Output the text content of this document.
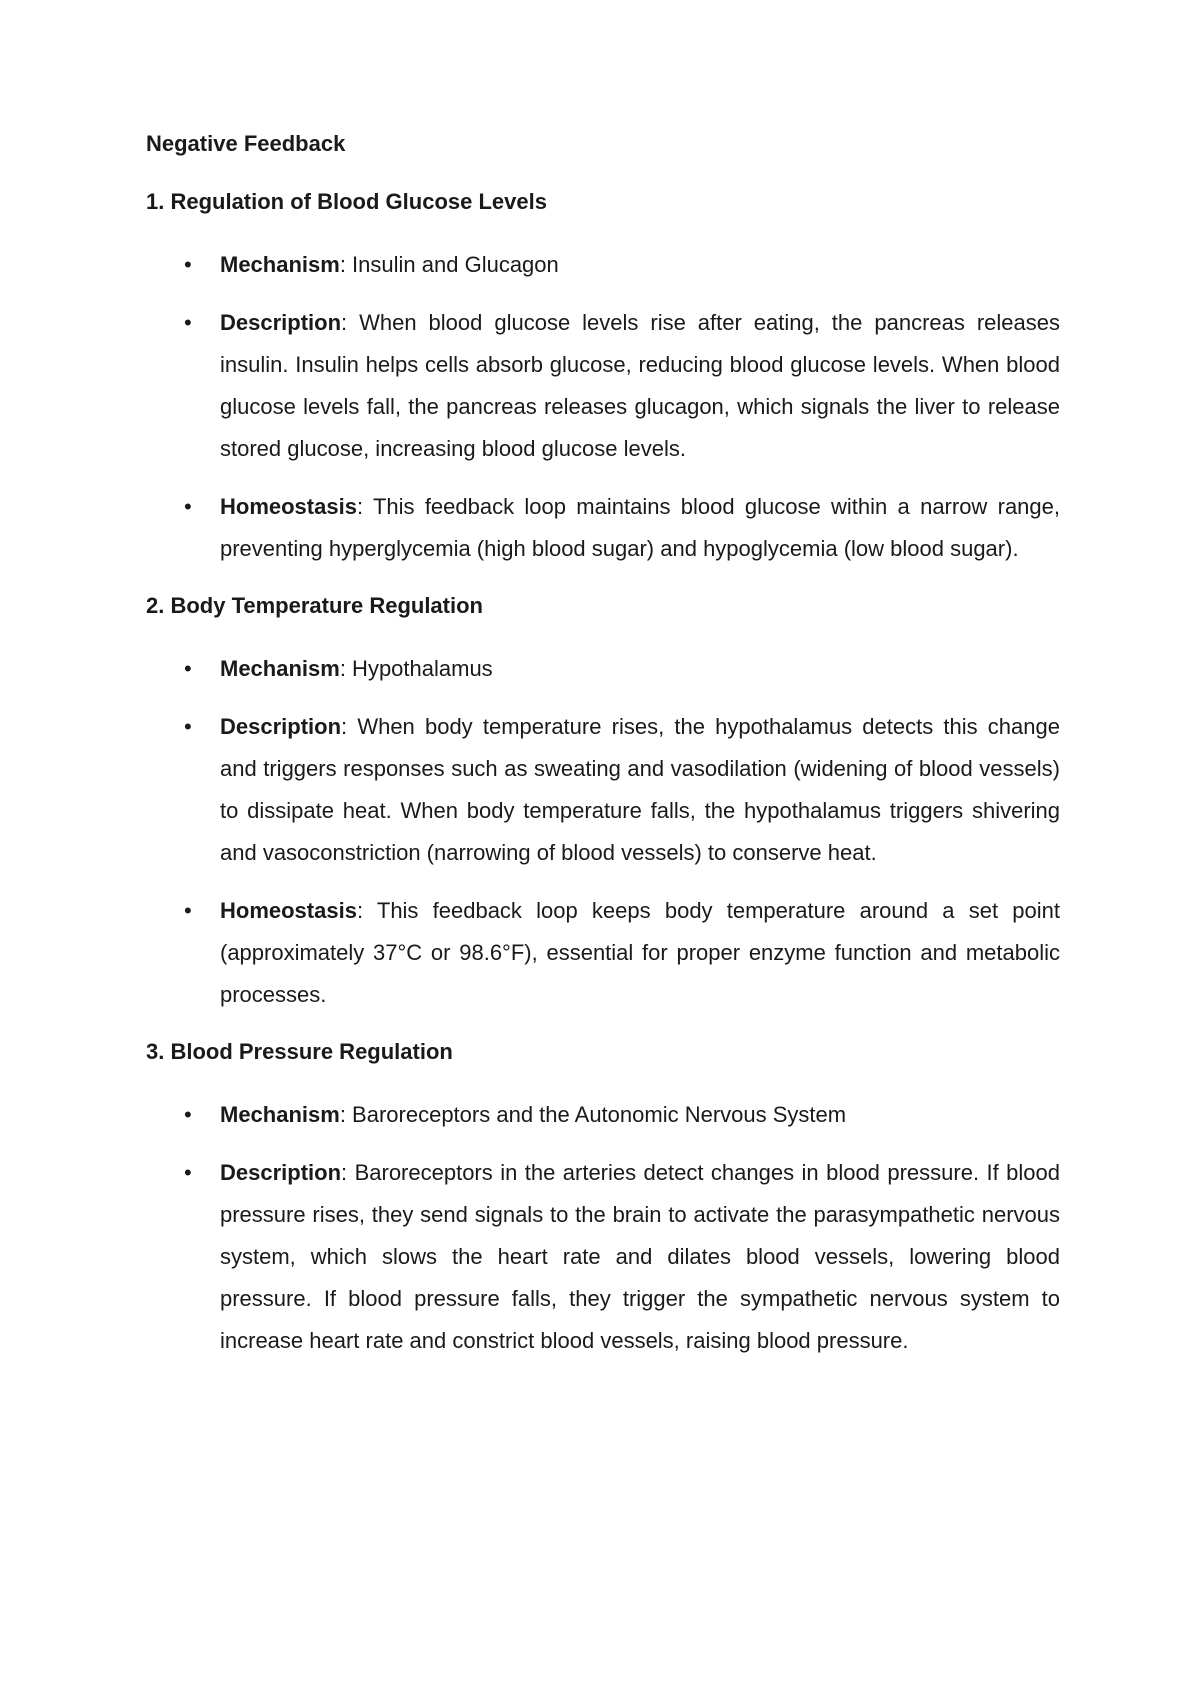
Negative Feedback
1. Regulation of Blood Glucose Levels
• Mechanism: Insulin and Glucagon
• Description: When blood glucose levels rise after eating, the pancreas releases insulin. Insulin helps cells absorb glucose, reducing blood glucose levels. When blood glucose levels fall, the pancreas releases glucagon, which signals the liver to release stored glucose, increasing blood glucose levels.
• Homeostasis: This feedback loop maintains blood glucose within a narrow range, preventing hyperglycemia (high blood sugar) and hypoglycemia (low blood sugar).
2. Body Temperature Regulation
• Mechanism: Hypothalamus
• Description: When body temperature rises, the hypothalamus detects this change and triggers responses such as sweating and vasodilation (widening of blood vessels) to dissipate heat. When body temperature falls, the hypothalamus triggers shivering and vasoconstriction (narrowing of blood vessels) to conserve heat.
• Homeostasis: This feedback loop keeps body temperature around a set point (approximately 37°C or 98.6°F), essential for proper enzyme function and metabolic processes.
3. Blood Pressure Regulation
• Mechanism: Baroreceptors and the Autonomic Nervous System
• Description: Baroreceptors in the arteries detect changes in blood pressure. If blood pressure rises, they send signals to the brain to activate the parasympathetic nervous system, which slows the heart rate and dilates blood vessels, lowering blood pressure. If blood pressure falls, they trigger the sympathetic nervous system to increase heart rate and constrict blood vessels, raising blood pressure.
